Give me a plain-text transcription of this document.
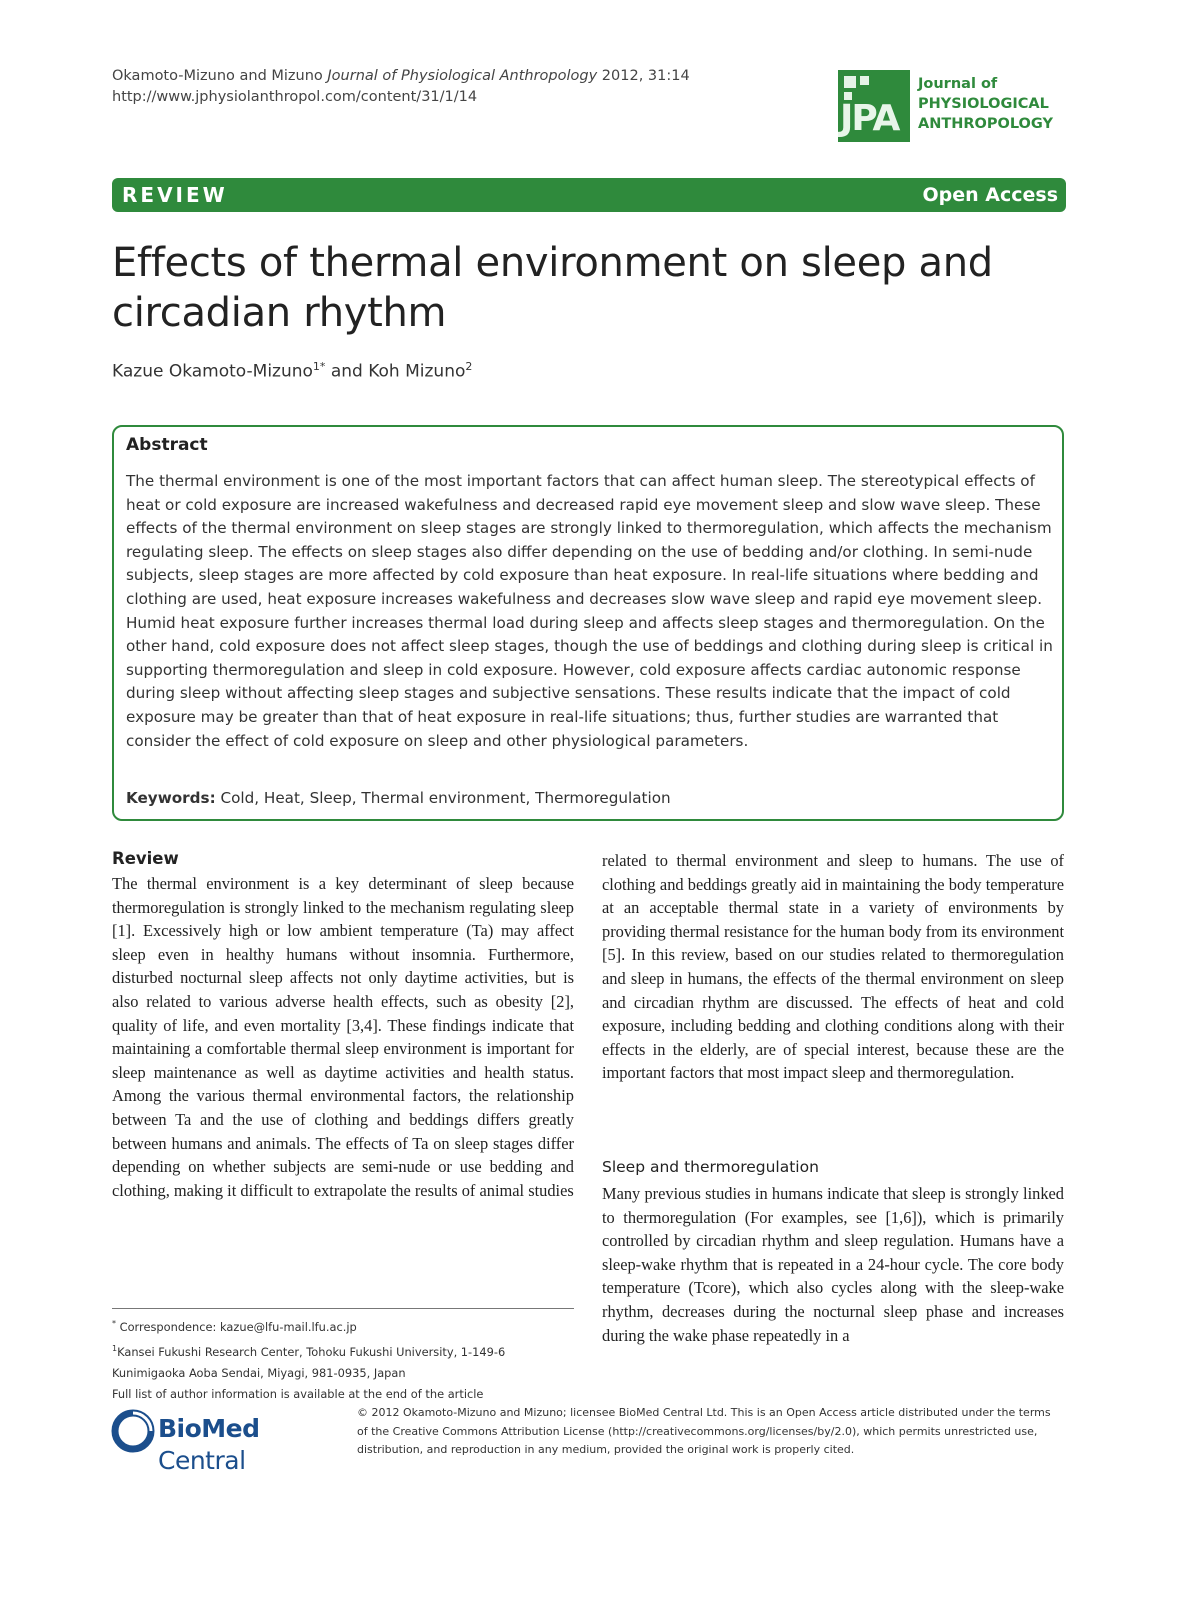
Okamoto-Mizuno and Mizuno Journal of Physiological Anthropology 2012, 31:14
http://www.jphysiolanthropol.com/content/31/1/14
JPA
Journal of
PHYSIOLOGICAL
ANTHROPOLOGY
REVIEW	Open Access
Effects of thermal environment on sleep and circadian rhythm
Kazue Okamoto-Mizuno$^{1*}$ and Koh Mizuno$^2$
Abstract
The thermal environment is one of the most important factors that can affect human sleep. The stereotypical effects of heat or cold exposure are increased wakefulness and decreased rapid eye movement sleep and slow wave sleep. These effects of the thermal environment on sleep stages are strongly linked to thermoregulation, which affects the mechanism regulating sleep. The effects on sleep stages also differ depending on the use of bedding and/or clothing. In semi-nude subjects, sleep stages are more affected by cold exposure than heat exposure. In real-life situations where bedding and clothing are used, heat exposure increases wakefulness and decreases slow wave sleep and rapid eye movement sleep. Humid heat exposure further increases thermal load during sleep and affects sleep stages and thermoregulation. On the other hand, cold exposure does not affect sleep stages, though the use of beddings and clothing during sleep is critical in supporting thermoregulation and sleep in cold exposure. However, cold exposure affects cardiac autonomic response during sleep without affecting sleep stages and subjective sensations. These results indicate that the impact of cold exposure may be greater than that of heat exposure in real-life situations; thus, further studies are warranted that consider the effect of cold exposure on sleep and other physiological parameters.
Keywords: Cold, Heat, Sleep, Thermal environment, Thermoregulation
Review
The thermal environment is a key determinant of sleep because thermoregulation is strongly linked to the mechanism regulating sleep [1]. Excessively high or low ambient temperature (Ta) may affect sleep even in healthy humans without insomnia. Furthermore, disturbed nocturnal sleep affects not only daytime activities, but is also related to various adverse health effects, such as obesity [2], quality of life, and even mortality [3,4]. These findings indicate that maintaining a comfortable thermal sleep environment is important for sleep maintenance as well as daytime activities and health status. Among the various thermal environmental factors, the relationship between Ta and the use of clothing and beddings differs greatly between humans and animals. The effects of Ta on sleep stages differ depending on whether subjects are semi-nude or use bedding and clothing, making it difficult to extrapolate the results of animal studies
related to thermal environment and sleep to humans. The use of clothing and beddings greatly aid in maintaining the body temperature at an acceptable thermal state in a variety of environments by providing thermal resistance for the human body from its environment [5]. In this review, based on our studies related to thermoregulation and sleep in humans, the effects of the thermal environment on sleep and circadian rhythm are discussed. The effects of heat and cold exposure, including bedding and clothing conditions along with their effects in the elderly, are of special interest, because these are the important factors that most impact sleep and thermoregulation.
Sleep and thermoregulation
Many previous studies in humans indicate that sleep is strongly linked to thermoregulation (For examples, see [1,6]), which is primarily controlled by circadian rhythm and sleep regulation. Humans have a sleep-wake rhythm that is repeated in a 24-hour cycle. The core body temperature (Tcore), which also cycles along with the sleep-wake rhythm, decreases during the nocturnal sleep phase and increases during the wake phase repeatedly in a
* Correspondence: kazue@lfu-mail.lfu.ac.jp
$^1$Kansei Fukushi Research Center, Tohoku Fukushi University, 1-149-6
Kunimigaoka Aoba Sendai, Miyagi, 981-0935, Japan
Full list of author information is available at the end of the article
BioMed Central
© 2012 Okamoto-Mizuno and Mizuno; licensee BioMed Central Ltd. This is an Open Access article distributed under the terms of the Creative Commons Attribution License (http://creativecommons.org/licenses/by/2.0), which permits unrestricted use, distribution, and reproduction in any medium, provided the original work is properly cited.
